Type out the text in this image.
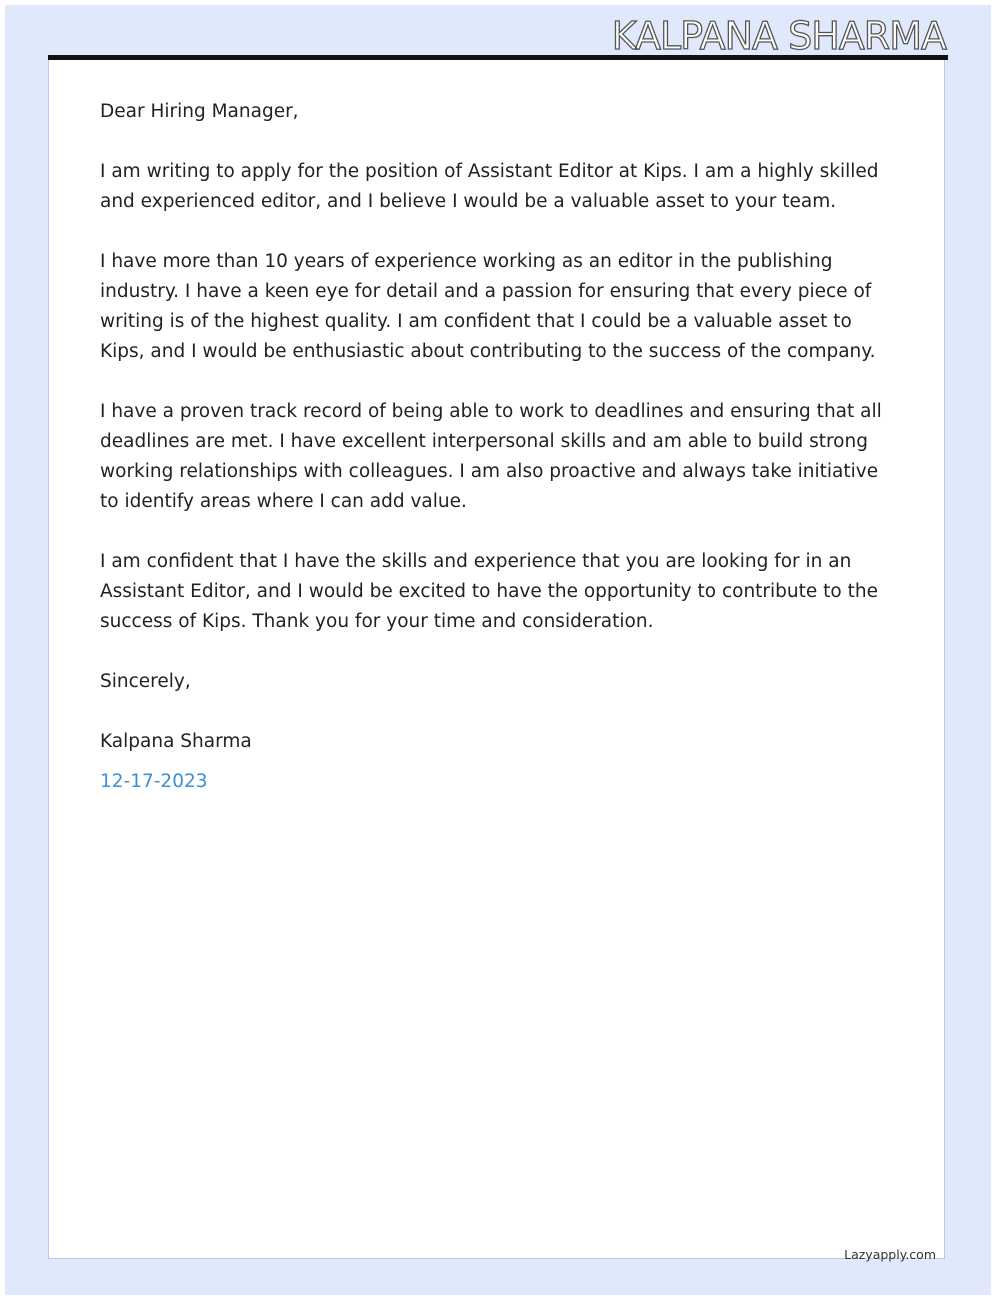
KALPANA SHARMA

Dear Hiring Manager,

I am writing to apply for the position of Assistant Editor at Kips. I am a highly skilled and experienced editor, and I believe I would be a valuable asset to your team.

I have more than 10 years of experience working as an editor in the publishing industry. I have a keen eye for detail and a passion for ensuring that every piece of writing is of the highest quality. I am confident that I could be a valuable asset to Kips, and I would be enthusiastic about contributing to the success of the company.

I have a proven track record of being able to work to deadlines and ensuring that all deadlines are met. I have excellent interpersonal skills and am able to build strong working relationships with colleagues. I am also proactive and always take initiative to identify areas where I can add value.

I am confident that I have the skills and experience that you are looking for in an Assistant Editor, and I would be excited to have the opportunity to contribute to the success of Kips. Thank you for your time and consideration.

Sincerely,

Kalpana Sharma

12-17-2023

Lazyapply.com
